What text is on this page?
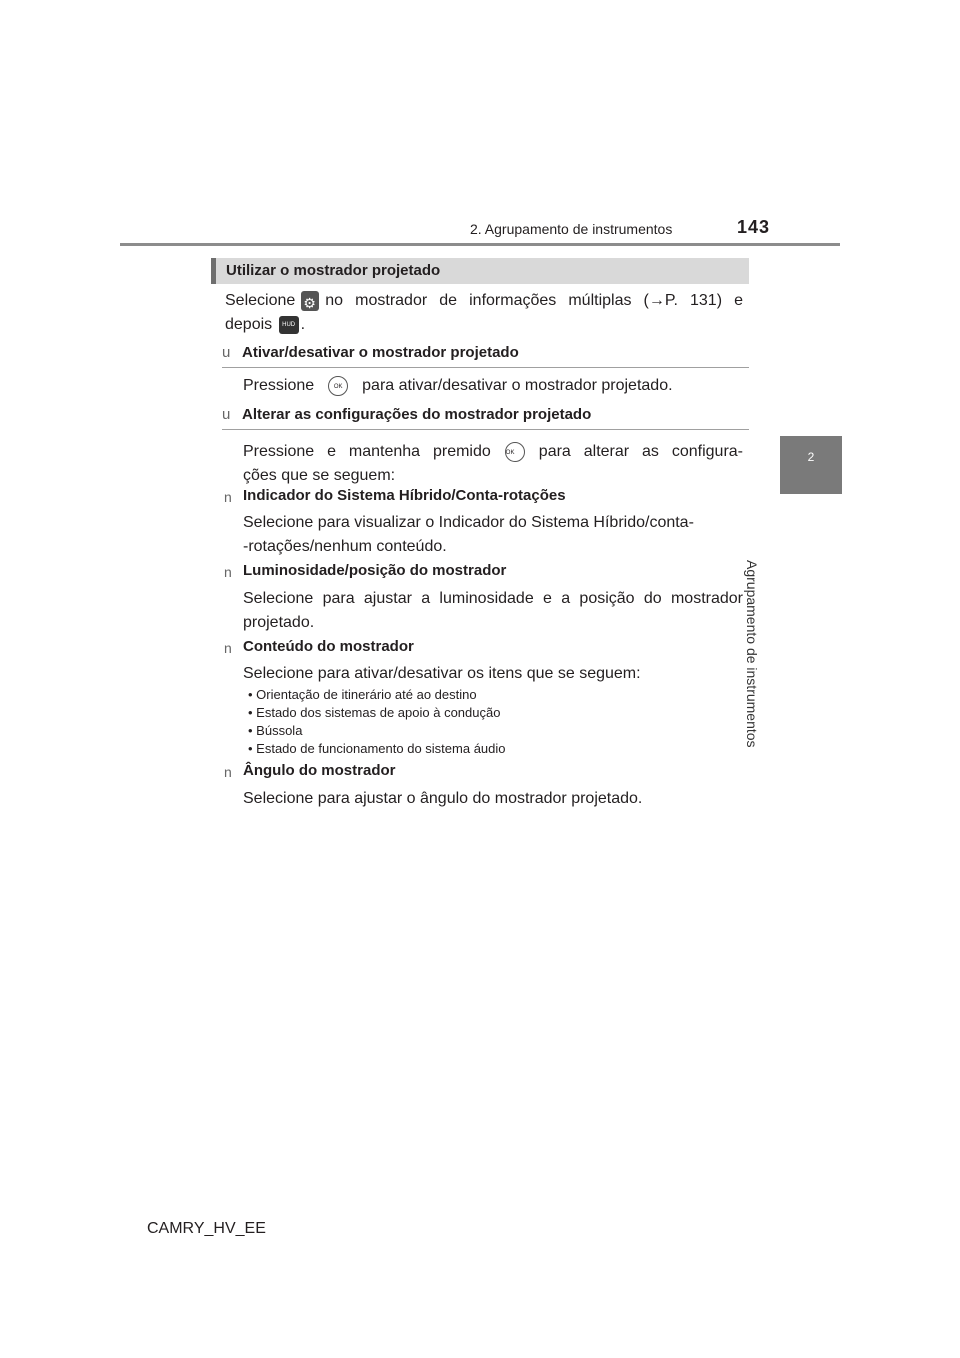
2. Agrupamento de instrumentos	143
2
Agrupamento de instrumentos
Utilizar o mostrador projetado
Selecione⚙ no mostrador de informações múltiplas (→P. 131) e
depois HUD .
u Ativar/desativar o mostrador projetado
Pressione	OK para ativar/desativar o mostrador projetado.
u Alterar as configurações do mostrador projetado
Pressione e mantenha premido	OK para alterar as configura-
ções que se seguem:
n Indicador do Sistema Híbrido/Conta-rotações
Selecione para visualizar o Indicador do Sistema Híbrido/conta-
-rotações/nenhum conteúdo.
n Luminosidade/posição do mostrador
Selecione para ajustar a luminosidade e a posição do mostrador
projetado.
n Conteúdo do mostrador
Selecione para ativar/desativar os itens que se seguem:
• Orientação de itinerário até ao destino
• Estado dos sistemas de apoio à condução
• Bússola
• Estado de funcionamento do sistema áudio
n Ângulo do mostrador
Selecione para ajustar o ângulo do mostrador projetado.
CAMRY_HV_EE
